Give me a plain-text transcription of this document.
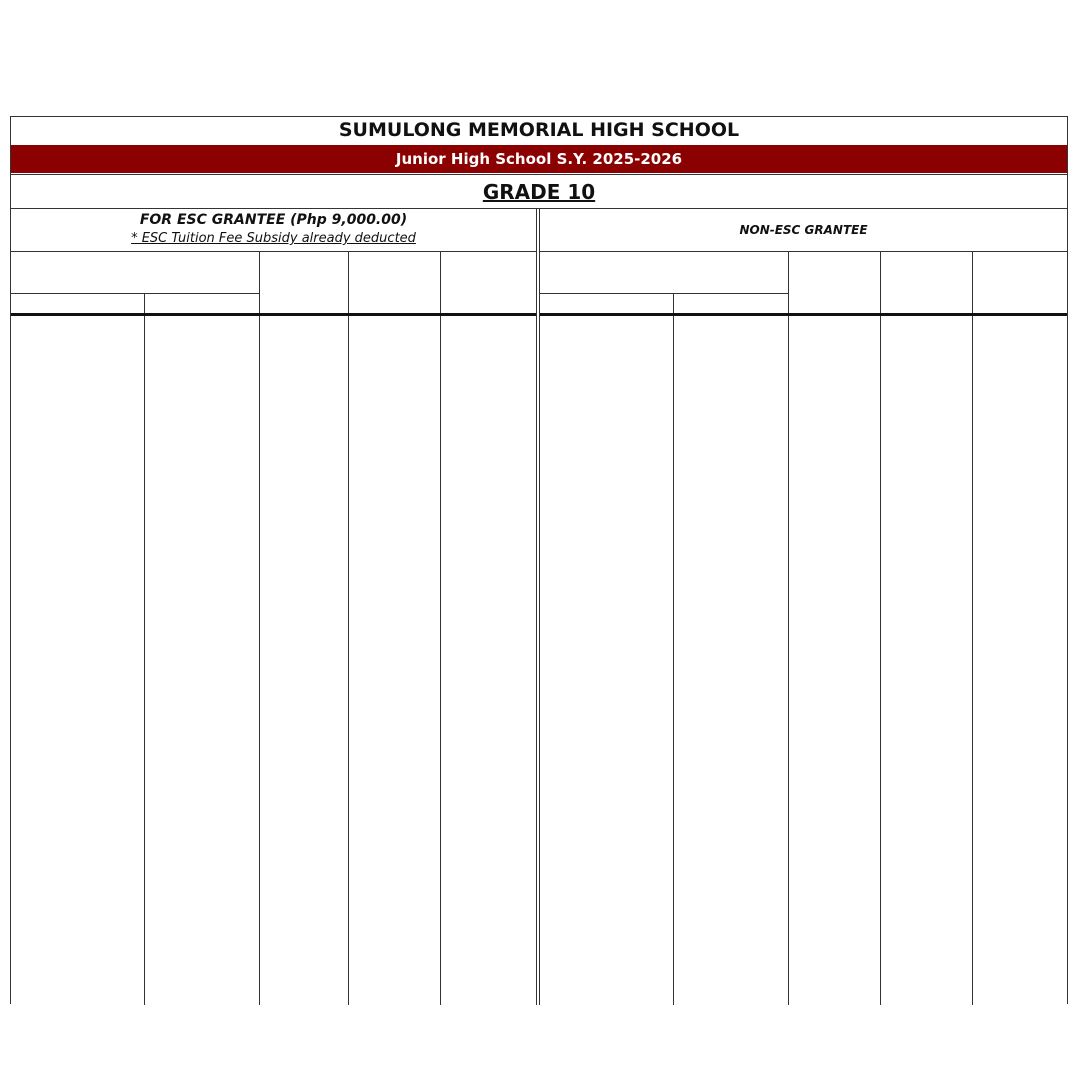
SUMULONG MEMORIAL HIGH SCHOOL
Junior High School S.Y. 2025-2026
GRADE 10
FOR ESC GRANTEE (Php 9,000.00)
* ESC Tuition Fee Subsidy already deducted
NON-ESC GRANTEE
